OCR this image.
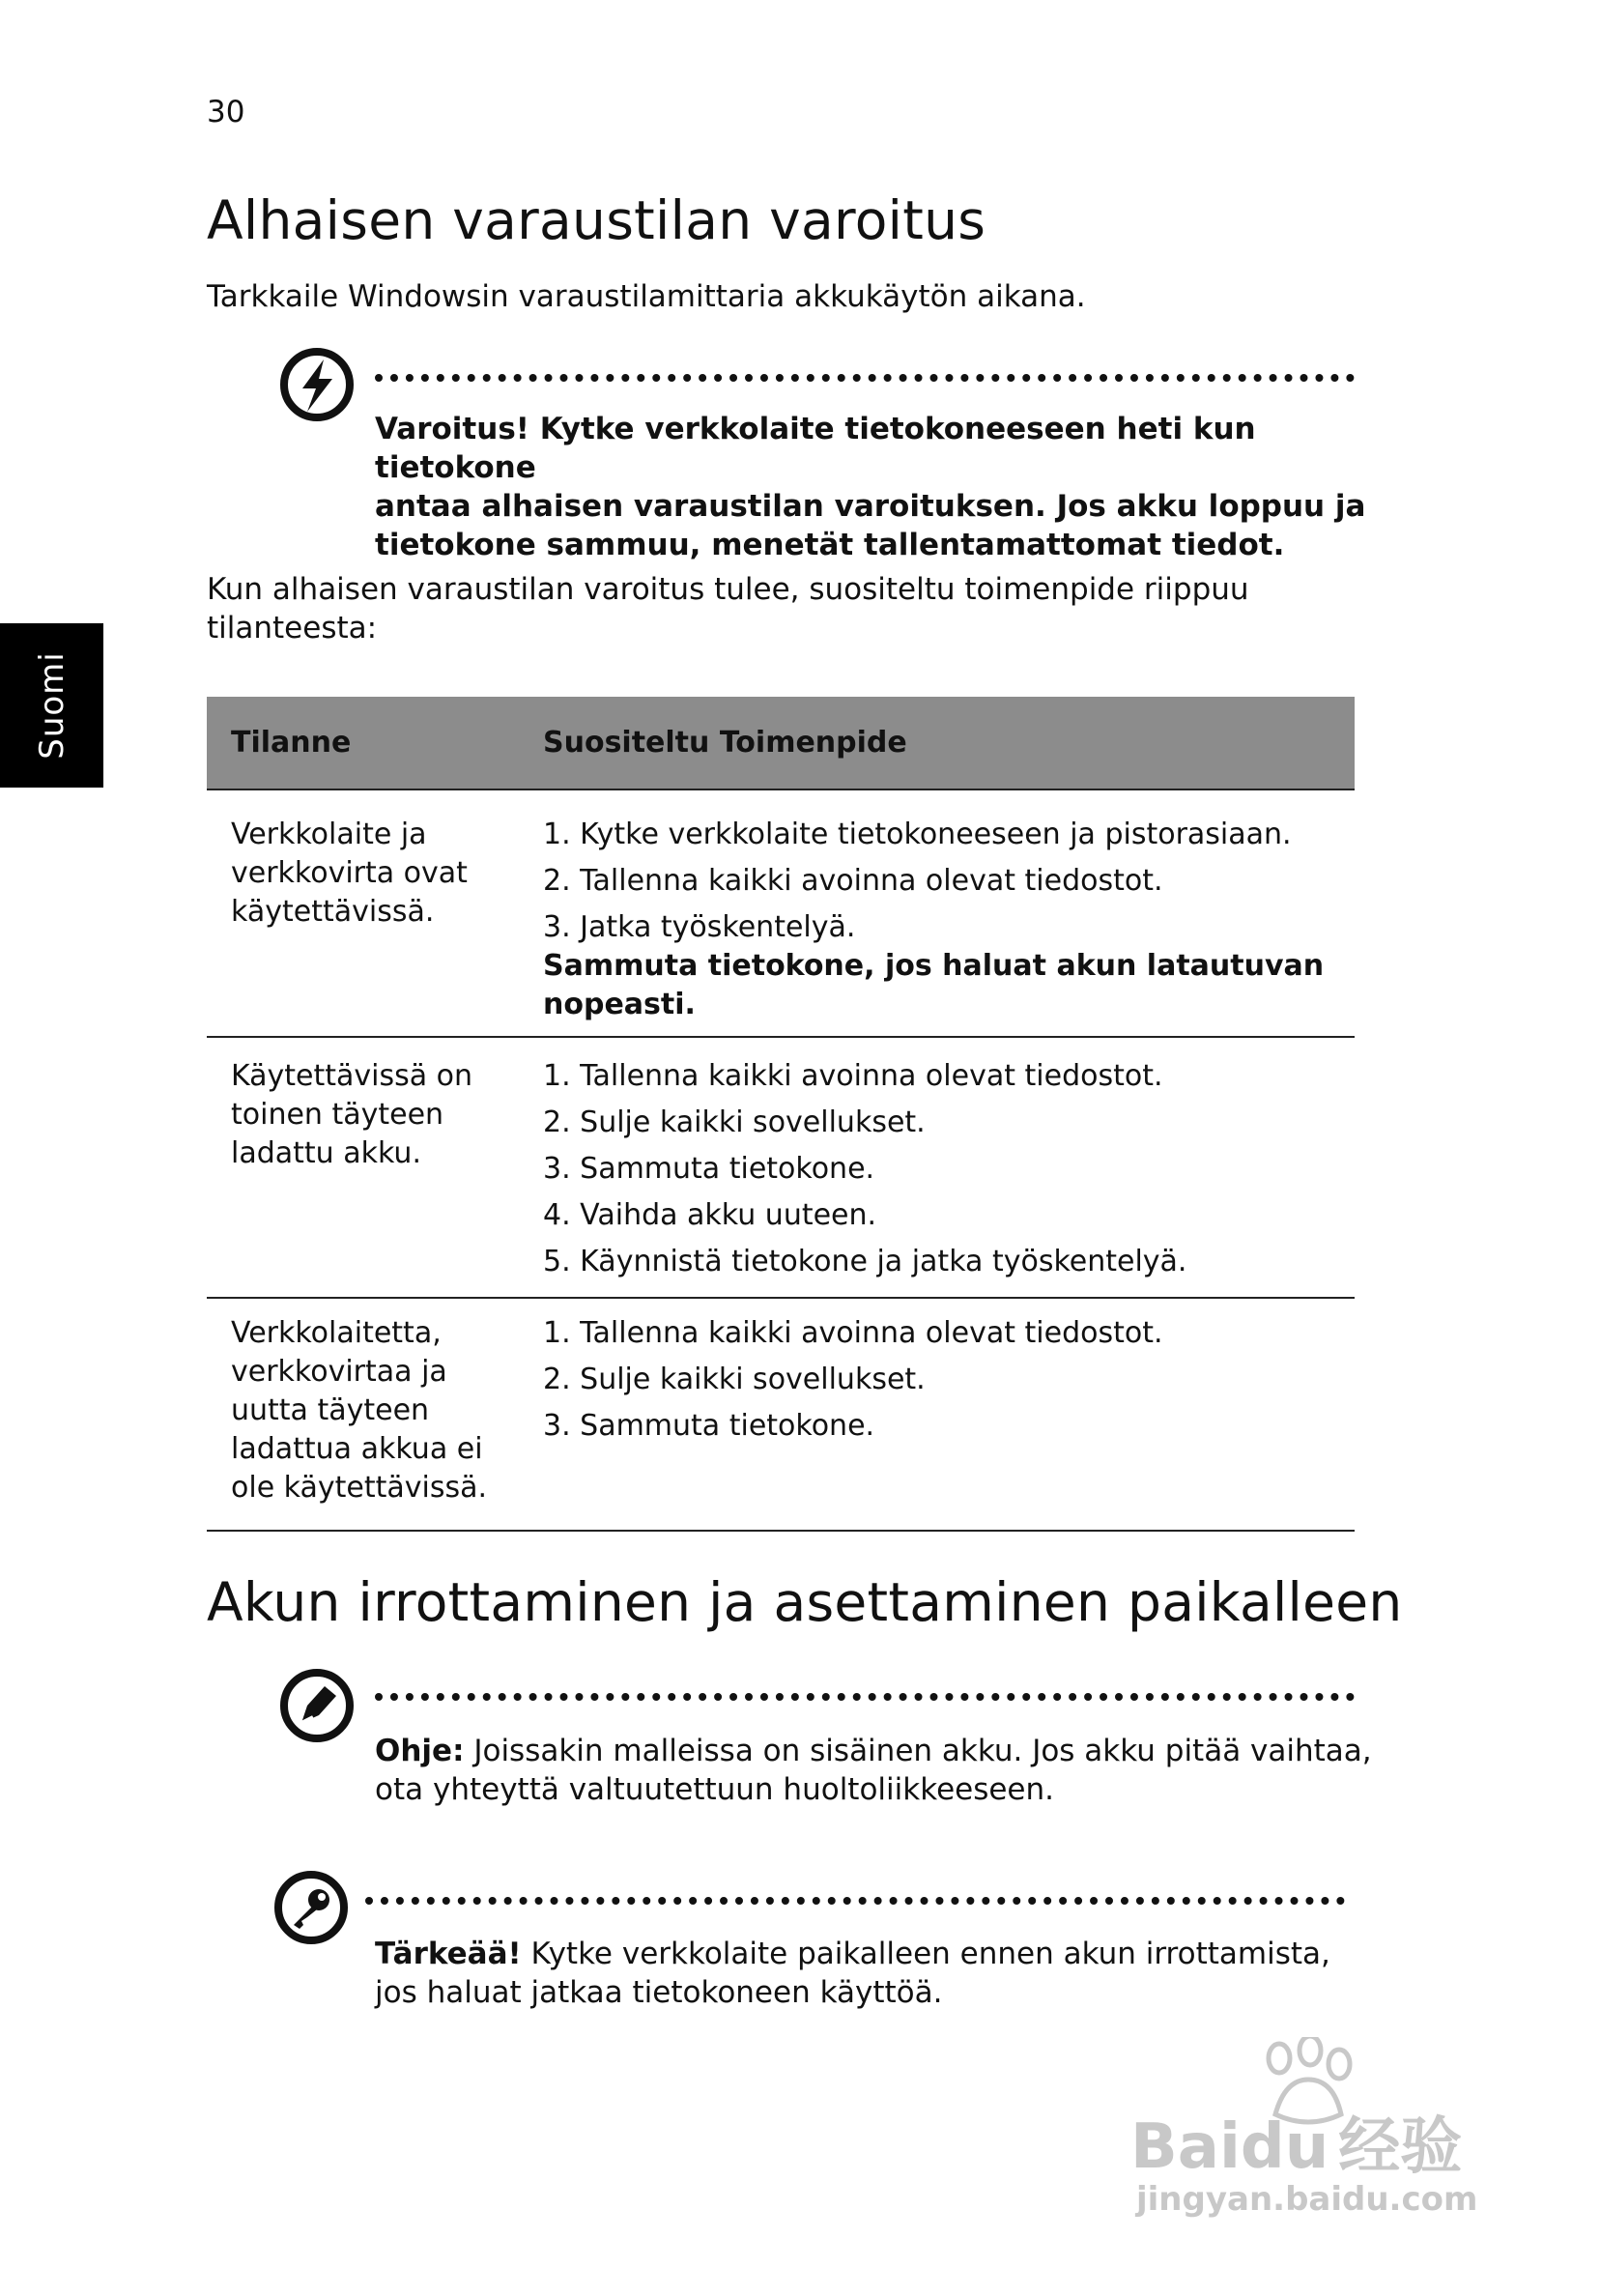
30
Suomi
Alhaisen varaustilan varoitus
Tarkkaile Windowsin varaustilamittaria akkukäytön aikana.
Varoitus! Kytke verkkolaite tietokoneeseen heti kun tietokone
antaa alhaisen varaustilan varoituksen. Jos akku loppuu ja
tietokone sammuu, menetät tallentamattomat tiedot.
Kun alhaisen varaustilan varoitus tulee, suositeltu toimenpide riippuu
tilanteesta:
Tilanne	Suositeltu Toimenpide
Verkkolaite ja
verkkovirta ovat
käytettävissä.
1. Kytke verkkolaite tietokoneeseen ja pistorasiaan.
2. Tallenna kaikki avoinna olevat tiedostot.
3. Jatka työskentelyä.
Sammuta tietokone, jos haluat akun latautuvan
nopeasti.
Käytettävissä on
toinen täyteen
ladattu akku.
1. Tallenna kaikki avoinna olevat tiedostot.
2. Sulje kaikki sovellukset.
3. Sammuta tietokone.
4. Vaihda akku uuteen.
5. Käynnistä tietokone ja jatka työskentelyä.
Verkkolaitetta,
verkkovirtaa ja
uutta täyteen
ladattua akkua ei
ole käytettävissä.
1. Tallenna kaikki avoinna olevat tiedostot.
2. Sulje kaikki sovellukset.
3. Sammuta tietokone.
Akun irrottaminen ja asettaminen paikalleen
Ohje: Joissakin malleissa on sisäinen akku. Jos akku pitää vaihtaa,
ota yhteyttä valtuutettuun huoltoliikkeeseen.
Tärkeää! Kytke verkkolaite paikalleen ennen akun irrottamista,
jos haluat jatkaa tietokoneen käyttöä.
Baidu 经验
jingyan.baidu.com
